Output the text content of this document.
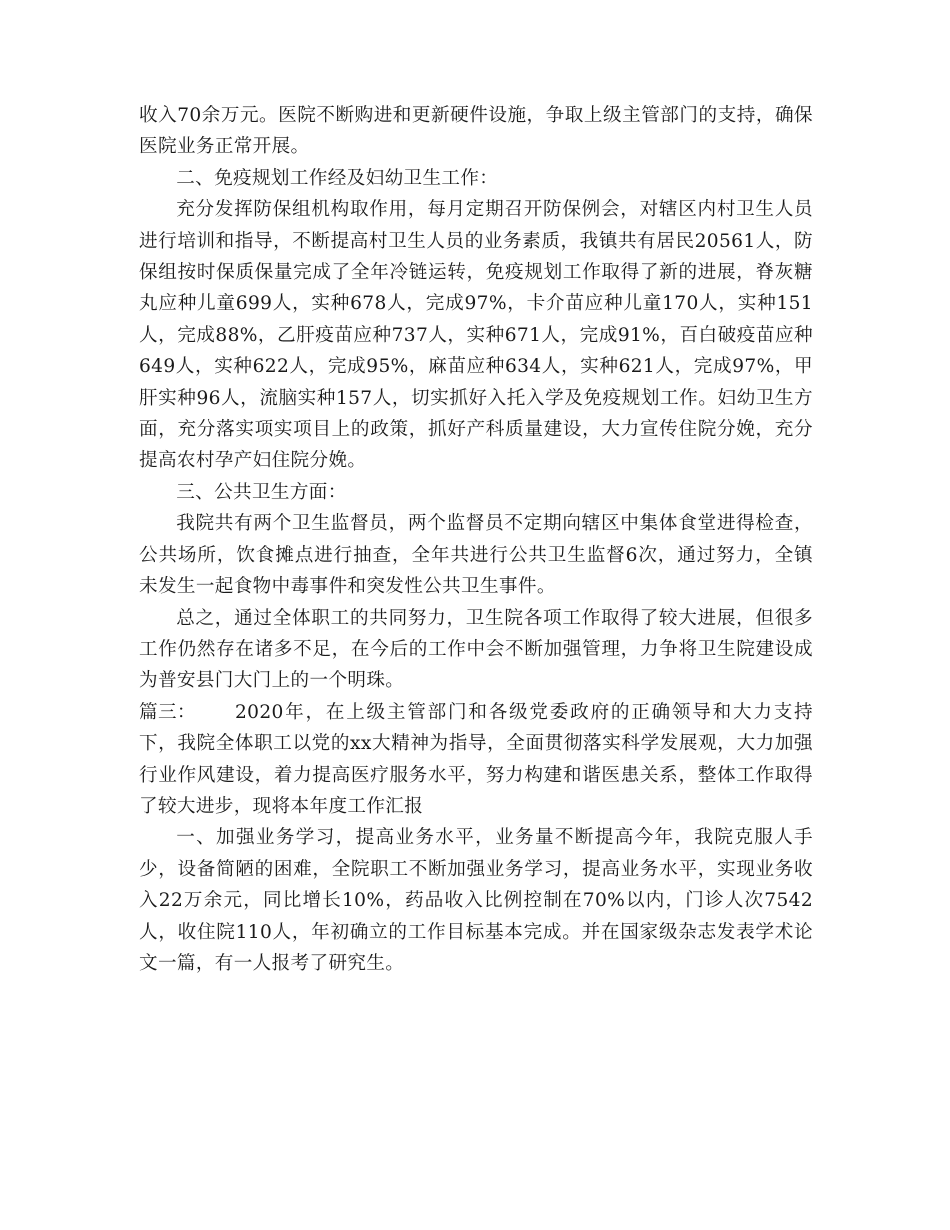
收入70余万元。医院不断购进和更新硬件设施，争取上级主管部门的支持，确保医院业务正常开展。

二、免疫规划工作经及妇幼卫生工作：

充分发挥防保组机构取作用，每月定期召开防保例会，对辖区内村卫生人员进行培训和指导，不断提高村卫生人员的业务素质，我镇共有居民20561人，防保组按时保质保量完成了全年冷链运转，免疫规划工作取得了新的进展，脊灰糖丸应种儿童699人，实种678人，完成97%，卡介苗应种儿童170人，实种151人，完成88%，乙肝疫苗应种737人，实种671人，完成91%，百白破疫苗应种649人，实种622人，完成95%，麻苗应种634人，实种621人，完成97%，甲肝实种96人，流脑实种157人，切实抓好入托入学及免疫规划工作。妇幼卫生方面，充分落实项实项目上的政策，抓好产科质量建设，大力宣传住院分娩，充分提高农村孕产妇住院分娩。

三、公共卫生方面：

我院共有两个卫生监督员，两个监督员不定期向辖区中集体食堂进得检查，公共场所，饮食摊点进行抽查，全年共进行公共卫生监督6次，通过努力，全镇未发生一起食物中毒事件和突发性公共卫生事件。

总之，通过全体职工的共同努力，卫生院各项工作取得了较大进展，但很多工作仍然存在诸多不足，在今后的工作中会不断加强管理，力争将卫生院建设成为普安县门大门上的一个明珠。

篇三： 2020年，在上级主管部门和各级党委政府的正确领导和大力支持下，我院全体职工以党的xx大精神为指导，全面贯彻落实科学发展观，大力加强行业作风建设，着力提高医疗服务水平，努力构建和谐医患关系，整体工作取得了较大进步，现将本年度工作汇报

一、加强业务学习，提高业务水平，业务量不断提高今年，我院克服人手少，设备简陋的困难，全院职工不断加强业务学习，提高业务水平，实现业务收入22万余元，同比增长10%，药品收入比例控制在70%以内，门诊人次7542人，收住院110人，年初确立的工作目标基本完成。并在国家级杂志发表学术论文一篇，有一人报考了研究生。
